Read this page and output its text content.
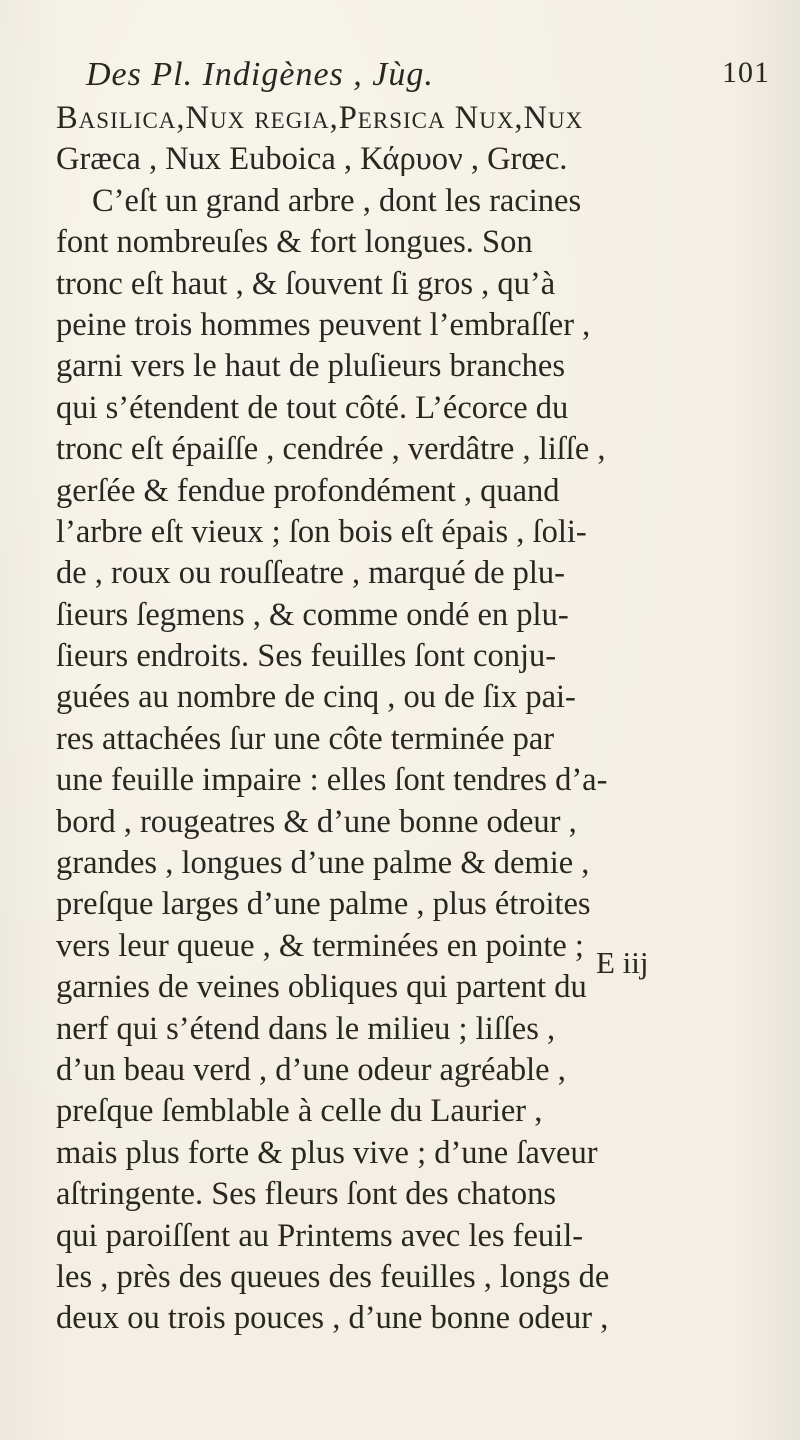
Des Pl. Indigènes , Jùg.	101
Basilica,Nux regia,Persica Nux,Nux
Græca , Nux Euboica , Κάρυον , Grœc.
C’eſt un grand arbre , dont les racines
font nombreuſes & fort longues. Son
tronc eſt haut , & ſouvent ſi gros , qu’à
peine trois hommes peuvent l’embraſſer ,
garni vers le haut de pluſieurs branches
qui s’étendent de tout côté. L’écorce du
tronc eſt épaiſſe , cendrée , verdâtre , liſſe ,
gerſée & fendue profondément , quand
l’arbre eſt vieux ; ſon bois eſt épais , ſoli-
de , roux ou rouſſeatre , marqué de plu-
ſieurs ſegmens , & comme ondé en plu-
ſieurs endroits. Ses feuilles ſont conju-
guées au nombre de cinq , ou de ſix pai-
res attachées ſur une côte terminée par
une feuille impaire : elles ſont tendres d’a-
bord , rougeatres & d’une bonne odeur ,
grandes , longues d’une palme & demie ,
preſque larges d’une palme , plus étroites
vers leur queue , & terminées en pointe ;
garnies de veines obliques qui partent du
nerf qui s’étend dans le milieu ; liſſes ,
d’un beau verd , d’une odeur agréable ,
preſque ſemblable à celle du Laurier ,
mais plus forte & plus vive ; d’une ſaveur
aſtringente. Ses fleurs ſont des chatons
qui paroiſſent au Printems avec les feuil-
les , près des queues des feuilles , longs de
deux ou trois pouces , d’une bonne odeur ,
E iij
